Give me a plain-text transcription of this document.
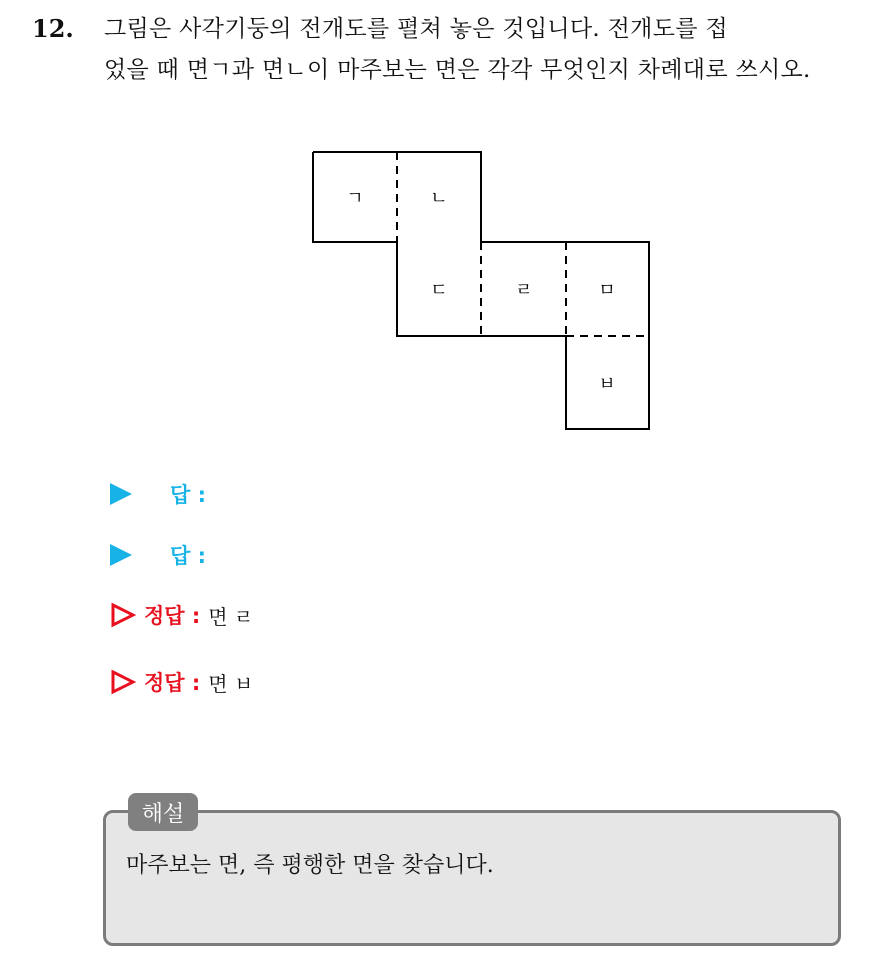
12. 그림은 사각기둥의 전개도를 펼쳐 놓은 것입니다. 전개도를 접
었을 때 면ㄱ과 면ㄴ이 마주보는 면은 각각 무엇인지 차례대로 쓰시오.
ㄱ	ㄴ
ㄷ	ㄹ	ㅁ
ㅂ
답 :
답 :
정답 : 면 ㄹ
정답 : 면 ㅂ
해설
마주보는 면, 즉 평행한 면을 찾습니다.
